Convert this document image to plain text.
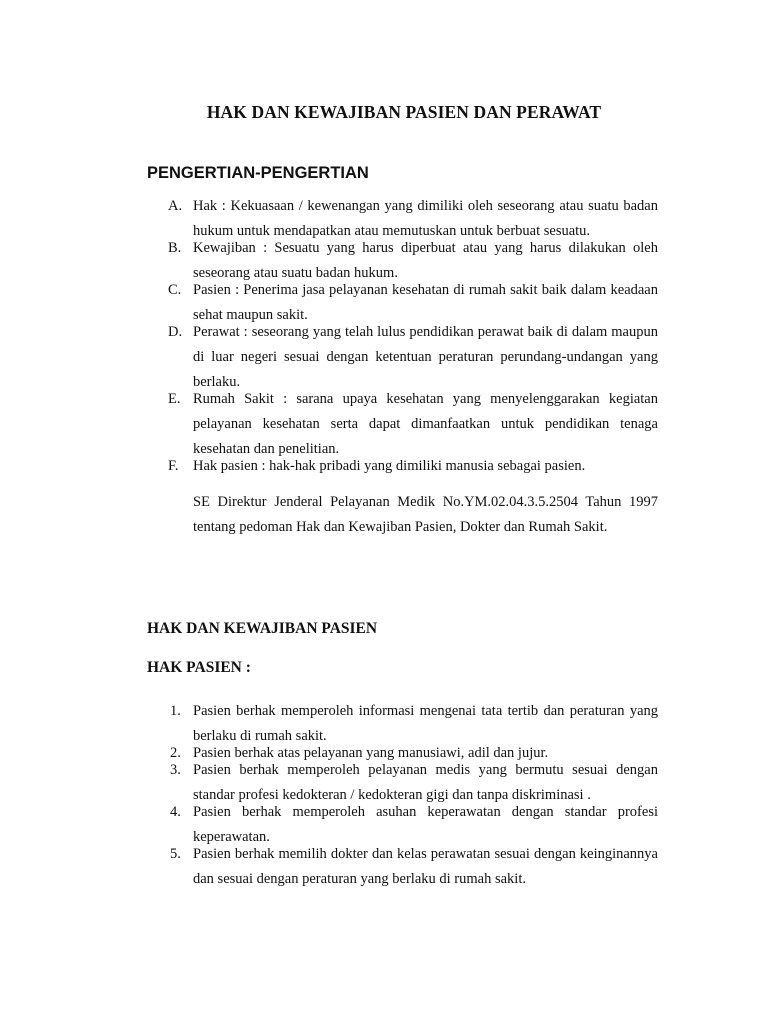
HAK DAN KEWAJIBAN PASIEN DAN PERAWAT
PENGERTIAN-PENGERTIAN
A. Hak : Kekuasaan / kewenangan yang dimiliki oleh seseorang atau suatu badan hukum untuk mendapatkan atau memutuskan untuk berbuat sesuatu.
B. Kewajiban : Sesuatu yang harus diperbuat atau yang harus dilakukan oleh seseorang atau suatu badan hukum.
C. Pasien : Penerima jasa pelayanan kesehatan di rumah sakit baik dalam keadaan sehat maupun sakit.
D. Perawat : seseorang yang telah lulus pendidikan perawat baik di dalam maupun di luar negeri sesuai dengan ketentuan peraturan perundang-undangan yang berlaku.
E. Rumah Sakit : sarana upaya kesehatan yang menyelenggarakan kegiatan pelayanan kesehatan serta dapat dimanfaatkan untuk pendidikan tenaga kesehatan dan penelitian.
F. Hak pasien : hak-hak pribadi yang dimiliki manusia sebagai pasien.

SE Direktur Jenderal Pelayanan Medik No.YM.02.04.3.5.2504 Tahun 1997 tentang pedoman Hak dan Kewajiban Pasien, Dokter dan Rumah Sakit.

HAK DAN KEWAJIBAN PASIEN
HAK PASIEN :
1. Pasien berhak memperoleh informasi mengenai tata tertib dan peraturan yang berlaku di rumah sakit.
2. Pasien berhak atas pelayanan yang manusiawi, adil dan jujur.
3. Pasien berhak memperoleh pelayanan medis yang bermutu sesuai dengan standar profesi kedokteran / kedokteran gigi dan tanpa diskriminasi .
4. Pasien berhak memperoleh asuhan keperawatan dengan standar profesi keperawatan.
5. Pasien berhak memilih dokter dan kelas perawatan sesuai dengan keinginannya dan sesuai dengan peraturan yang berlaku di rumah sakit.
